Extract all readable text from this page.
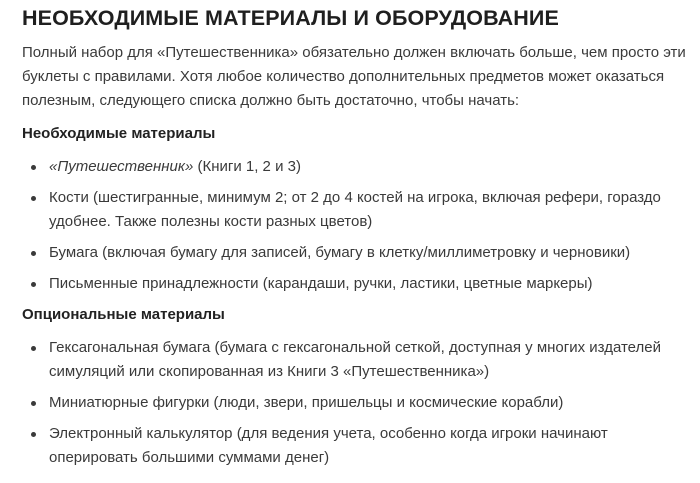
НЕОБХОДИМЫЕ МАТЕРИАЛЫ И ОБОРУДОВАНИЕ

Полный набор для «Путешественника» обязательно должен включать больше, чем просто эти буклеты с правилами. Хотя любое количество дополнительных предметов может оказаться полезным, следующего списка должно быть достаточно, чтобы начать:

Необходимые материалы
«Путешественник» (Книги 1, 2 и 3)
Кости (шестигранные, минимум 2; от 2 до 4 костей на игрока, включая рефери, гораздо удобнее. Также полезны кости разных цветов)
Бумага (включая бумагу для записей, бумагу в клетку/миллиметровку и черновики)
Письменные принадлежности (карандаши, ручки, ластики, цветные маркеры)
Опциональные материалы
Гексагональная бумага (бумага с гексагональной сеткой, доступная у многих издателей симуляций или скопированная из Книги 3 «Путешественника»)
Миниатюрные фигурки (люди, звери, пришельцы и космические корабли)
Электронный калькулятор (для ведения учета, особенно когда игроки начинают оперировать большими суммами денег)
